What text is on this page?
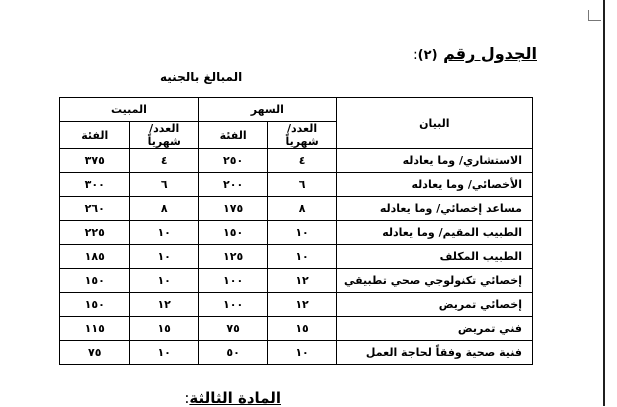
الجدول رقم (٢):
المبالغ بالجنيه
البيان	السهر		المبيت	
	العدد/ شهرياً	الفئة	العدد/ شهرياً	الفئة
الاستشاري/ وما يعادله	٤	٢٥٠	٤	٣٧٥
الأخصائي/ وما يعادله	٦	٢٠٠	٦	٣٠٠
مساعد إخصائي/ وما يعادله	٨	١٧٥	٨	٢٦٠
الطبيب المقيم/ وما يعادله	١٠	١٥٠	١٠	٢٢٥
الطبيب المكلف	١٠	١٢٥	١٠	١٨٥
إخصائي تكنولوجي صحي تطبيقي	١٢	١٠٠	١٠	١٥٠
إخصائي تمريض	١٢	١٠٠	١٢	١٥٠
فني تمريض	١٥	٧٥	١٥	١١٥
فنية صحية وفقاً لحاجة العمل	١٠	٥٠	١٠	٧٥
المادة الثالثة:
